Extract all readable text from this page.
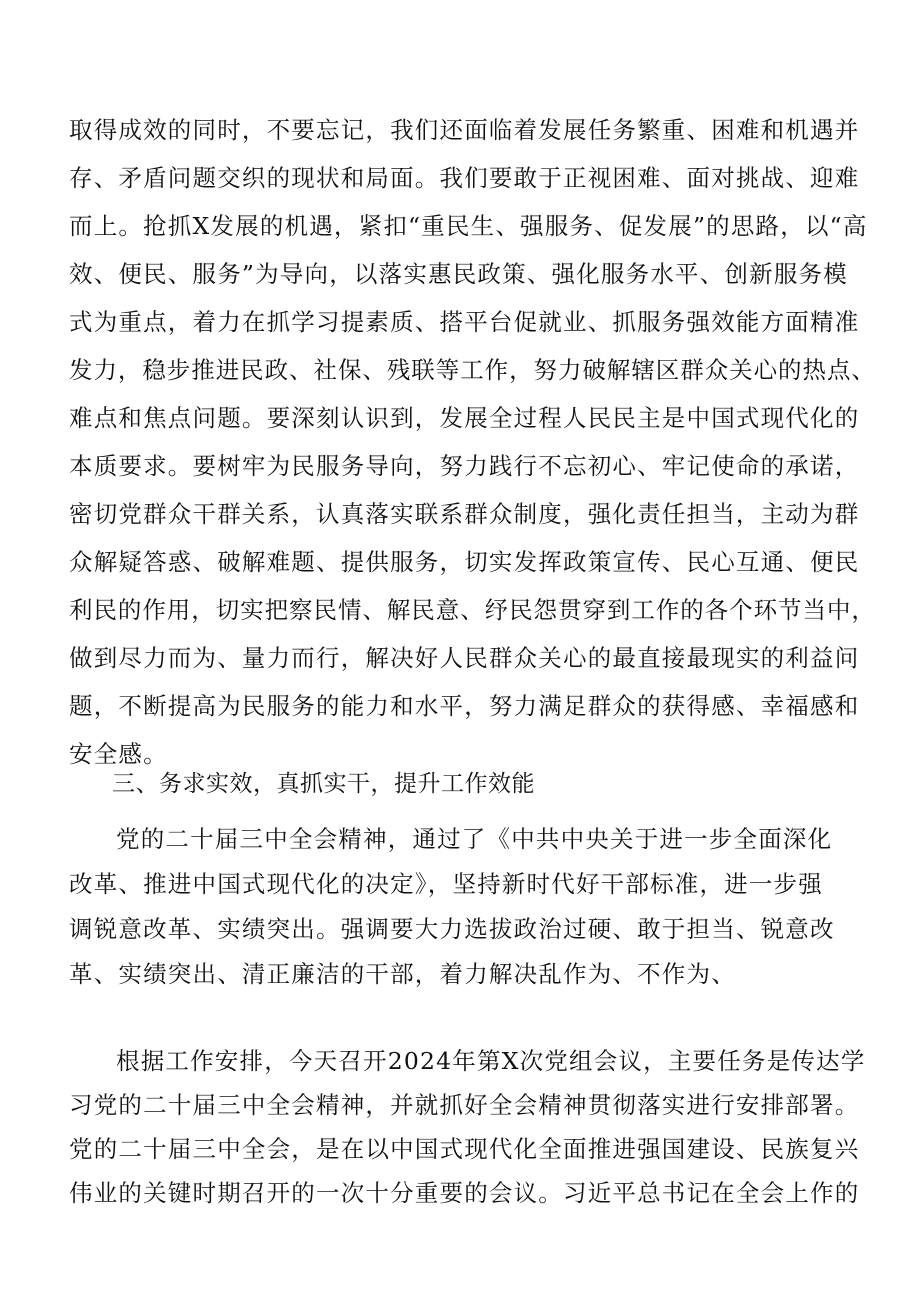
取得成效的同时，不要忘记，我们还面临着发展任务繁重、困难和机遇并
存、矛盾问题交织的现状和局面。我们要敢于正视困难、面对挑战、迎难
而上。抢抓X发展的机遇，紧扣“重民生、强服务、促发展”的思路，以“高
效、便民、服务”为导向，以落实惠民政策、强化服务水平、创新服务模
式为重点，着力在抓学习提素质、搭平台促就业、抓服务强效能方面精准
发力，稳步推进民政、社保、残联等工作，努力破解辖区群众关心的热点、
难点和焦点问题。要深刻认识到，发展全过程人民民主是中国式现代化的
本质要求。要树牢为民服务导向，努力践行不忘初心、牢记使命的承诺，
密切党群众干群关系，认真落实联系群众制度，强化责任担当，主动为群
众解疑答惑、破解难题、提供服务，切实发挥政策宣传、民心互通、便民
利民的作用，切实把察民情、解民意、纾民怨贯穿到工作的各个环节当中，
做到尽力而为、量力而行，解决好人民群众关心的最直接最现实的利益问
题，不断提高为民服务的能力和水平，努力满足群众的获得感、幸福感和
安全感。
三、务求实效，真抓实干，提升工作效能
党的二十届三中全会精神，通过了《中共中央关于进一步全面深化
改革、推进中国式现代化的决定》，坚持新时代好干部标准，进一步强
调锐意改革、实绩突出。强调要大力选拔政治过硬、敢于担当、锐意改
革、实绩突出、清正廉洁的干部，着力解决乱作为、不作为、
根据工作安排，今天召开2024年第X次党组会议，主要任务是传达学
习党的二十届三中全会精神，并就抓好全会精神贯彻落实进行安排部署。
党的二十届三中全会，是在以中国式现代化全面推进强国建设、民族复兴
伟业的关键时期召开的一次十分重要的会议。习近平总书记在全会上作的
